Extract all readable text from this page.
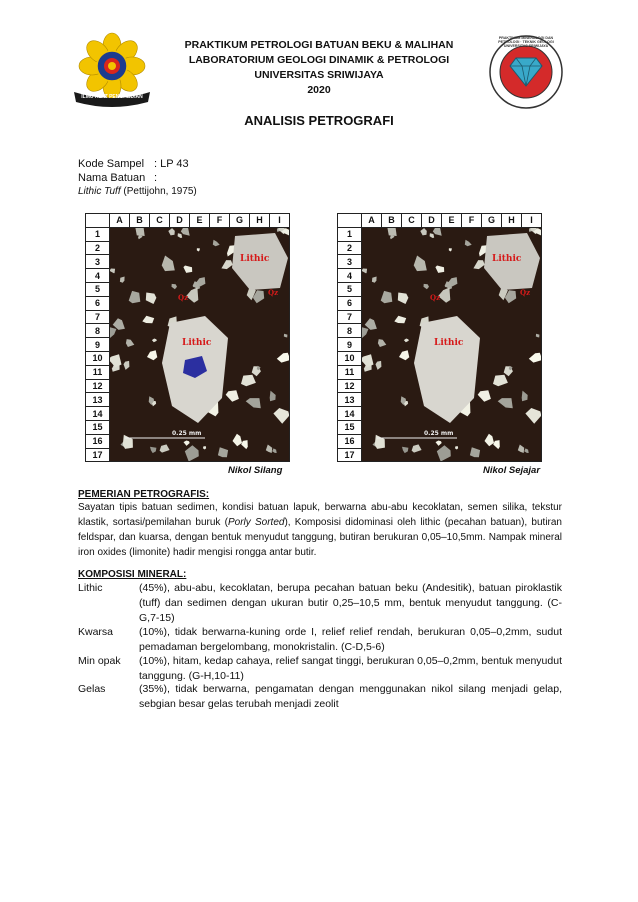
ILMU ALAT PENGABDIAN
PRAKTIKUM PETROLOGI BATUAN BEKU & MALIHAN
LABORATORIUM GEOLOGI DINAMIK & PETROLOGI
UNIVERSITAS SRIWIJAYA
2020
PRAKTIKUM MINERALOGI DAN PETROLOGI · TEKNIK GEOLOGI UNIVERSITAS SRIWIJAYA
ANALISIS PETROGRAFI
Kode Sampel : LP 43
Nama Batuan :
Lithic Tuff (Pettijohn, 1975)
	A	B	C	D	E	F	G	H	I
1	Lithic
Lithic
Qz
Qz
0.25 mm								

2									
3									
4									
5									
6									
7									
8									
9									
10									
11									
12									
13									
14									
15									
16									
17									
Nikol Silang
	A	B	C	D	E	F	G	H	I
1	Lithic
Lithic
Qz
Qz
0.25 mm								

2									
3									
4									
5									
6									
7									
8									
9									
10									
11									
12									
13									
14									
15									
16									
17									
Nikol Sejajar
PEMERIAN PETROGRAFIS:
Sayatan tipis batuan sedimen, kondisi batuan lapuk, berwarna abu-abu kecoklatan, semen silika, tekstur klastik, sortasi/pemilahan buruk (Porly Sorted), Komposisi didominasi oleh lithic (pecahan batuan), butiran feldspar, dan kuarsa, dengan bentuk menyudut tanggung, butiran berukuran 0,05–10,5mm. Nampak mineral iron oxides (limonite) hadir mengisi rongga antar butir.
KOMPOSISI MINERAL:
Lithic	(45%), abu-abu, kecoklatan, berupa pecahan batuan beku (Andesitik), batuan piroklastik (tuff) dan sedimen dengan ukuran butir 0,25–10,5 mm, bentuk menyudut tanggung. (C-G,7-15)
Kwarsa	(10%), tidak berwarna-kuning orde I, relief relief rendah, berukuran 0,05–0,2mm, sudut pemadaman bergelombang, monokristalin. (C-D,5-6)
Min opak	(10%), hitam, kedap cahaya, relief sangat tinggi, berukuran 0,05–0,2mm, bentuk menyudut tanggung. (G-H,10-11)
Gelas	(35%), tidak berwarna, pengamatan dengan menggunakan nikol silang menjadi gelap, sebgian besar gelas terubah menjadi zeolit
